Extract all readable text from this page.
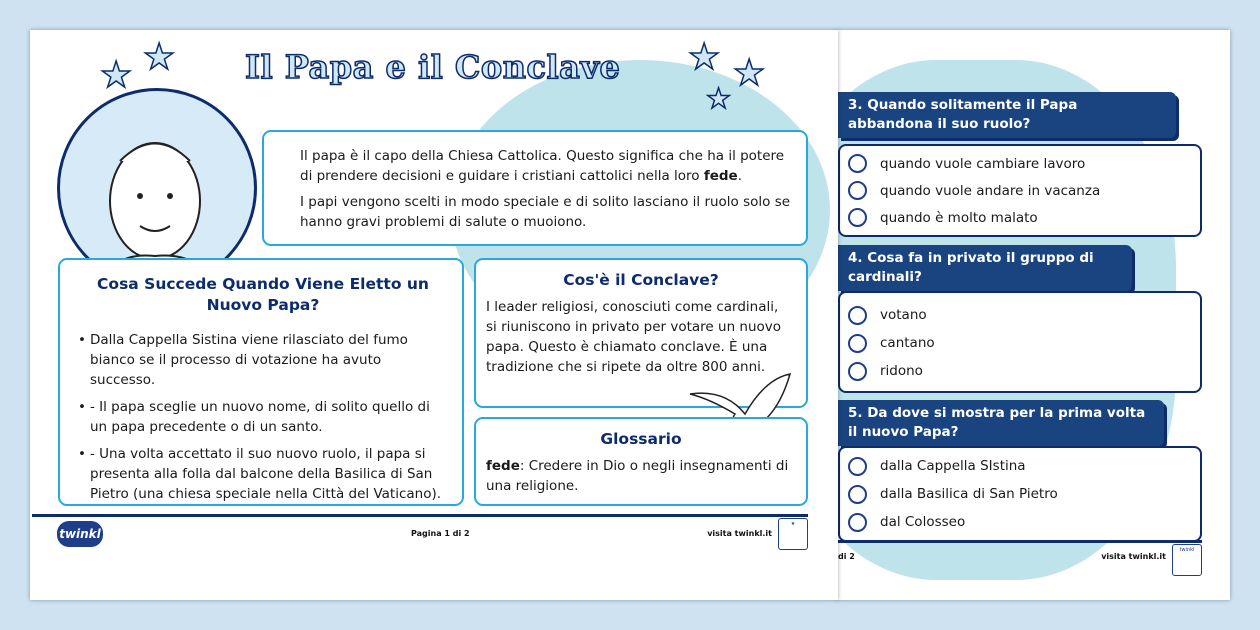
★ ★	★ ★
★
Il Papa e il Conclave

Il papa è il capo della Chiesa Cattolica. Questo significa che ha il potere di prendere decisioni e guidare i cristiani cattolici nella loro fede.

I papi vengono scelti in modo speciale e di solito lasciano il ruolo solo se hanno gravi problemi di salute o muoiono.

Cosa Succede Quando Viene Eletto un Nuovo Papa?
• Dalla Cappella Sistina viene rilasciato del fumo bianco se il processo di votazione ha avuto successo.
• - Il papa sceglie un nuovo nome, di solito quello di un papa precedente o di un santo.
• - Una volta accettato il suo nuovo ruolo, il papa si presenta alla folla dal balcone della Basilica di San Pietro (una chiesa speciale nella Città del Vaticano).
Cos'è il Conclave?

I leader religiosi, conosciuti come cardinali, si riuniscono in privato per votare un nuovo papa. Questo è chiamato conclave. È una tradizione che si ripete da oltre 800 anni.

Glossario

fede: Credere in Dio o negli insegnamenti di una religione.

twinkl	Pagina 1 di 2	visita twinkl.it
★
3. Quando solitamente il Papa abbandona il suo ruolo?
quando vuole cambiare lavoro
quando vuole andare in vacanza
quando è molto malato
4. Cosa fa in privato il gruppo di cardinali?
votano
cantano
ridono
5. Da dove si mostra per la prima volta il nuovo Papa?
dalla Cappella SIstina
dalla Basilica di San Pietro
dal Colosseo
di 2	visita twinkl.it
twinkl
